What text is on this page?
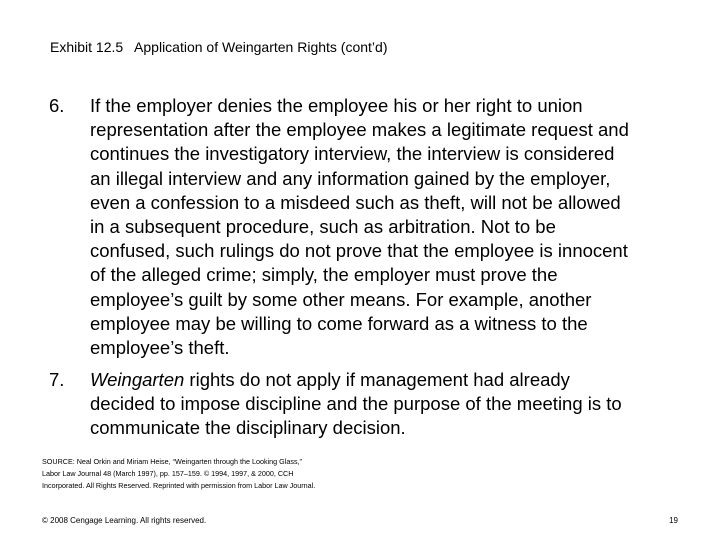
Exhibit 12.5   Application of Weingarten Rights (cont’d)
6. If the employer denies the employee his or her right to union
representation after the employee makes a legitimate request and
continues the investigatory interview, the interview is considered
an illegal interview and any information gained by the employer,
even a confession to a misdeed such as theft, will not be allowed
in a subsequent procedure, such as arbitration. Not to be
confused, such rulings do not prove that the employee is innocent
of the alleged crime; simply, the employer must prove the
employee’s guilt by some other means. For example, another
employee may be willing to come forward as a witness to the
employee’s theft.
7. Weingarten rights do not apply if management had already
decided to impose discipline and the purpose of the meeting is to
communicate the disciplinary decision.
SOURCE: Neal Orkin and Miriam Heise, “Weingarten through the Looking Glass,”
Labor Law Journal 48 (March 1997), pp. 157–159. © 1994, 1997, & 2000, CCH
Incorporated. All Rights Reserved. Reprinted with permission from Labor Law Journal.
© 2008 Cengage Learning. All rights reserved.	19
